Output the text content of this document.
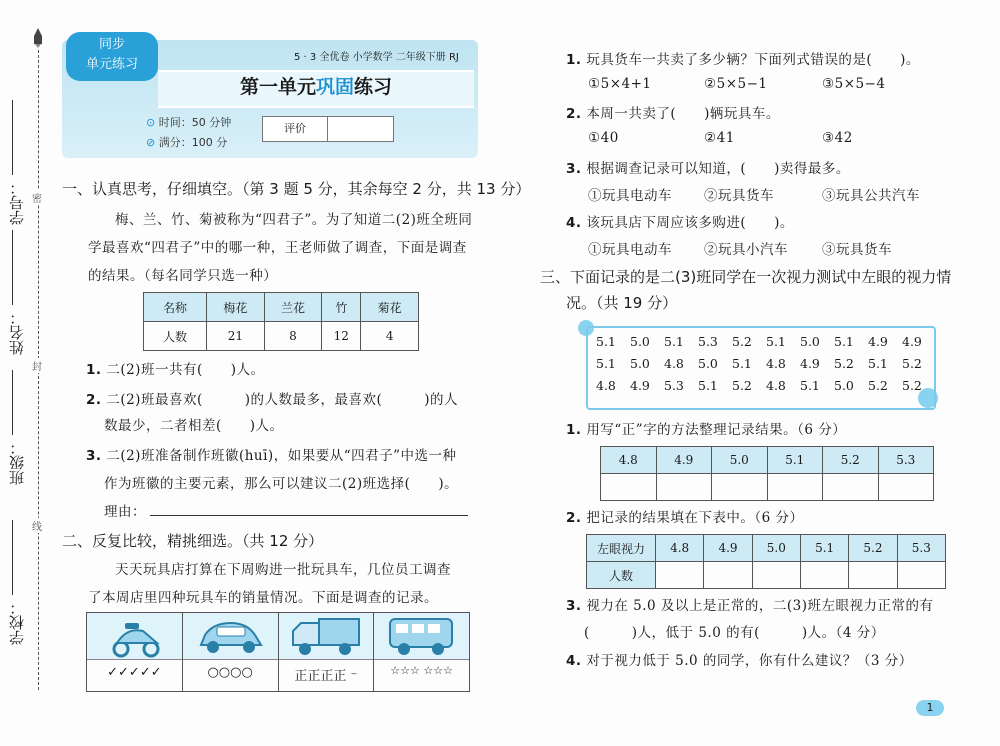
学号： 密
姓名：
封
班级：
线
学校：
同步
单元练习	5 · 3 全优卷 小学数学 二年级下册 RJ
第一单元巩固练习
⊙ 时间：50 分钟
⊘ 满分：100 分
评价
一、认真思考，仔细填空。（第 3 题 5 分，其余每空 2 分，共 13 分）
梅、兰、竹、菊被称为“四君子”。为了知道二(2)班全班同
学最喜欢“四君子”中的哪一种，王老师做了调查，下面是调查
的结果。（每名同学只选一种）
名称	梅花	兰花	竹	菊花
人数	21	8	12	4
1. 二(2)班一共有(　　)人。
2. 二(2)班最喜欢(　　　)的人数最多，最喜欢(　　　)的人
数最少，二者相差(　　)人。
3. 二(2)班准备制作班徽(huī)，如果要从“四君子”中选一种
作为班徽的主要元素，那么可以建议二(2)班选择(　　)。
理由：
二、反复比较，精挑细选。（共 12 分）
天天玩具店打算在下周购进一批玩具车，几位员工调查
了本周店里四种玩具车的销量情况。下面是调查的记录。
✓✓✓✓✓	○○○○	正正正正 ⁻	☆☆☆ ☆☆☆
1. 玩具货车一共卖了多少辆？下面列式错误的是(　　)。
①5×4+1	②5×5−1	③5×5−4
2. 本周一共卖了(　　)辆玩具车。
①40	②41	③42
3. 根据调查记录可以知道，(　　)卖得最多。
①玩具电动车 ②玩具货车	③玩具公共汽车
4. 该玩具店下周应该多购进(　　)。
①玩具电动车 ②玩具小汽车	③玩具货车
三、下面记录的是二(3)班同学在一次视力测试中左眼的视力情
况。（共 19 分）
5.1 5.0 5.1 5.3 5.2 5.1 5.0 5.1 4.9 4.9
5.1 5.0 4.8 5.0 5.1 4.8 4.9 5.2 5.1 5.2
4.8 4.9 5.3 5.1 5.2 4.8 5.1 5.0 5.2 5.2
1. 用写“正”字的方法整理记录结果。（6 分）
4.8	4.9	5.0	5.1	5.2	5.3

2. 把记录的结果填在下表中。（6 分）
左眼视力	4.8	4.9	5.0	5.1	5.2	5.3
人数						
3. 视力在 5.0 及以上是正常的，二(3)班左眼视力正常的有
(　　　)人，低于 5.0 的有(　　　)人。（4 分）
4. 对于视力低于 5.0 的同学，你有什么建议？（3 分）
1
